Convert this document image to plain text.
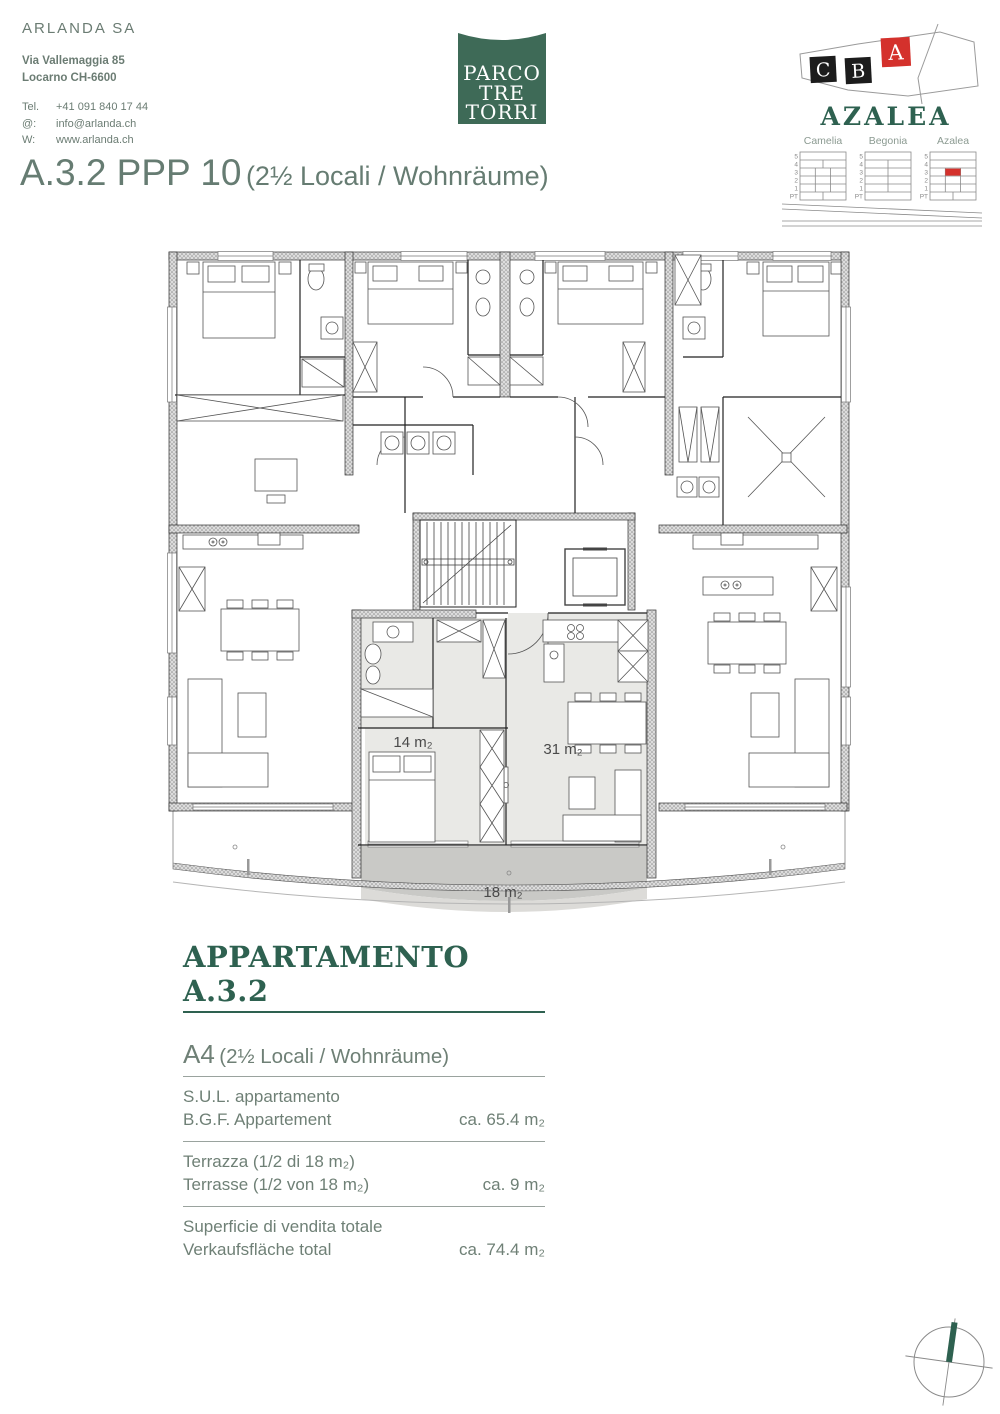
ARLANDA SA
Via Vallemaggia 85
Locarno CH-6600
Tel.	+41 091 840 17 44
@:	info@arlanda.ch
W:	www.arlanda.ch
PARCO
TRE
TORRI
C B
A
AZALEA
Camelia	Begonia	Azalea
5
4
3
2
1
PT
5
4
3
2
1
PT
5
4
3
2
1
PT
A.3.2 PPP 10 (2½ Locali / Wohnräume)
14 m₂	31 m₂
18 m₂
APPARTAMENTO A.3.2
A4 (2½ Locali / Wohnräume)
S.U.L. appartamento
B.G.F. Appartement	ca. 65.4 m₂
Terrazza (1/2 di 18 m₂)
Terrasse (1/2 von 18 m₂)	ca. 9 m₂
Superficie di vendita totale
Verkaufsfläche total	ca. 74.4 m₂
